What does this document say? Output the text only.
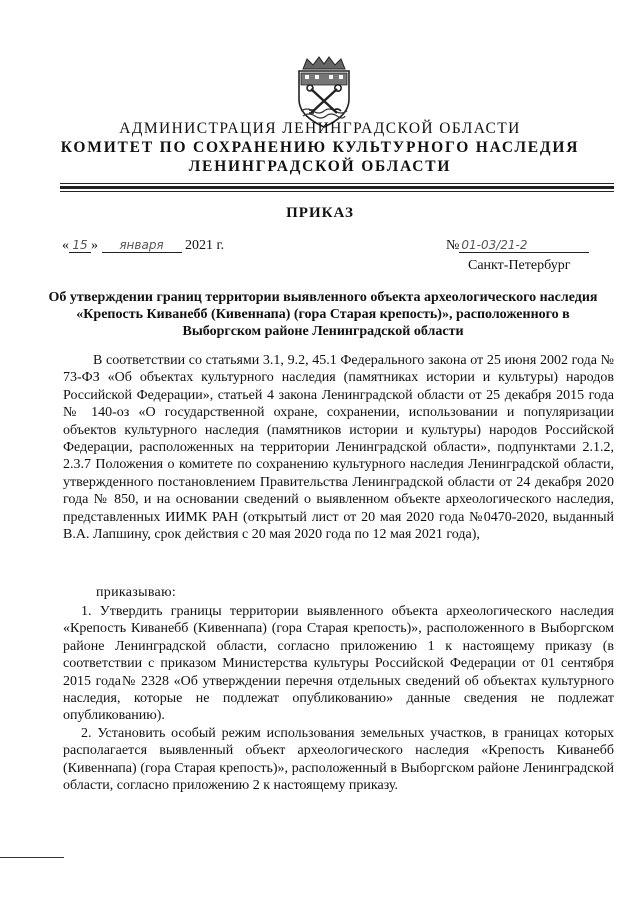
АДМИНИСТРАЦИЯ ЛЕНИНГРАДСКОЙ ОБЛАСТИ
КОМИТЕТ ПО СОХРАНЕНИЮ КУЛЬТУРНОГО НАСЛЕДИЯ
ЛЕНИНГРАДСКОЙ ОБЛАСТИ
ПРИКАЗ
« 15 » января 2021 г.	№ 01-03/21-2
Санкт-Петербург
Об утверждении границ территории выявленного объекта археологического наследия «Крепость Киванебб (Кивеннапа) (гора Старая крепость)», расположенного в Выборгском районе Ленинградской области

В соответствии со статьями 3.1, 9.2, 45.1 Федерального закона от 25 июня 2002 года № 73-ФЗ «Об объектах культурного наследия (памятниках истории и культуры) народов Российской Федерации», статьей 4 закона Ленинградской области от 25 декабря 2015 года № 140-оз «О государственной охране, сохранении, использовании и популяризации объектов культурного наследия (памятников истории и культуры) народов Российской Федерации, расположенных на территории Ленинградской области», подпунктами 2.1.2, 2.3.7 Положения о комитете по сохранению культурного наследия Ленинградской области, утвержденного постановлением Правительства Ленинградской области от 24 декабря 2020 года № 850, и на основании сведений о выявленном объекте археологического наследия, представленных ИИМК РАН (открытый лист от 20 мая 2020 года №0470-2020, выданный В.А. Лапшину, срок действия с 20 мая 2020 года по 12 мая 2021 года),

приказываю:

1. Утвердить границы территории выявленного объекта археологического наследия «Крепость Киванебб (Кивеннапа) (гора Старая крепость)», расположенного в Выборгском районе Ленинградской области, согласно приложению 1 к настоящему приказу (в соответствии с приказом Министерства культуры Российской Федерации от 01 сентября 2015 года№ 2328 «Об утверждении перечня отдельных сведений об объектах культурного наследия, которые не подлежат опубликованию» данные сведения не подлежат опубликованию).

2. Установить особый режим использования земельных участков, в границах которых располагается выявленный объект археологического наследия «Крепость Киванебб (Кивеннапа) (гора Старая крепость)», расположенный в Выборгском районе Ленинградской области, согласно приложению 2 к настоящему приказу.
